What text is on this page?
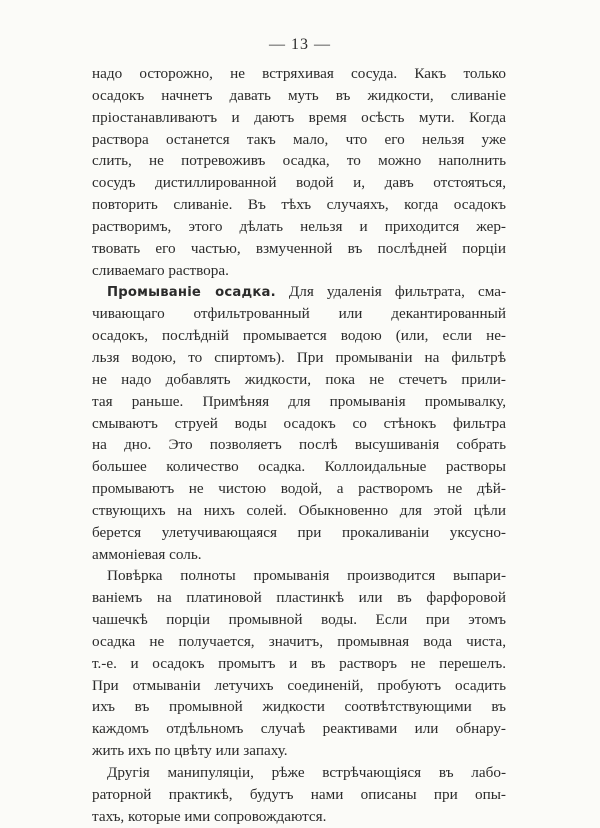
— 13 —
надо осторожно, не встряхивая сосуда. Какъ только
осадокъ начнетъ давать муть въ жидкости, сливаніе
пріостанавливаютъ и даютъ время осѣсть мути. Когда
раствора останется такъ мало, что его нельзя уже
слить, не потревоживъ осадка, то можно наполнить
сосудъ дистиллированной водой и, давъ отстояться,
повторить сливаніе. Въ тѣхъ случаяхъ, когда осадокъ
растворимъ, этого дѣлать нельзя и приходится жер-
твовать его частью, взмученной въ послѣдней порціи
сливаемаго раствора.
Промываніе осадка. Для удаленія фильтрата, сма-
чивающаго отфильтрованный или декантированный
осадокъ, послѣдній промывается водою (или, если не-
льзя водою, то спиртомъ). При промываніи на фильтрѣ
не надо добавлять жидкости, пока не стечетъ прили-
тая раньше. Примѣняя для промыванія промывалку,
смываютъ струей воды осадокъ со стѣнокъ фильтра
на дно. Это позволяетъ послѣ высушиванія собрать
большее количество осадка. Коллоидальные растворы
промываютъ не чистою водой, а растворомъ не дѣй-
ствующихъ на нихъ солей. Обыкновенно для этой цѣли
берется улетучивающаяся при прокаливаніи уксусно-
аммоніевая соль.
Повѣрка полноты промыванія производится выпари-
ваніемъ на платиновой пластинкѣ или въ фарфоровой
чашечкѣ порціи промывной воды. Если при этомъ
осадка не получается, значитъ, промывная вода чиста,
т.-е. и осадокъ промытъ и въ растворъ не перешелъ.
При отмываніи летучихъ соединеній, пробуютъ осадить
ихъ въ промывной жидкости соотвѣтствующими въ
каждомъ отдѣльномъ случаѣ реактивами или обнару-
жить ихъ по цвѣту или запаху.
Другія манипуляціи, рѣже встрѣчающіяся въ лабо-
раторной практикѣ, будутъ нами описаны при опы-
тахъ, которые ими сопровождаются.
